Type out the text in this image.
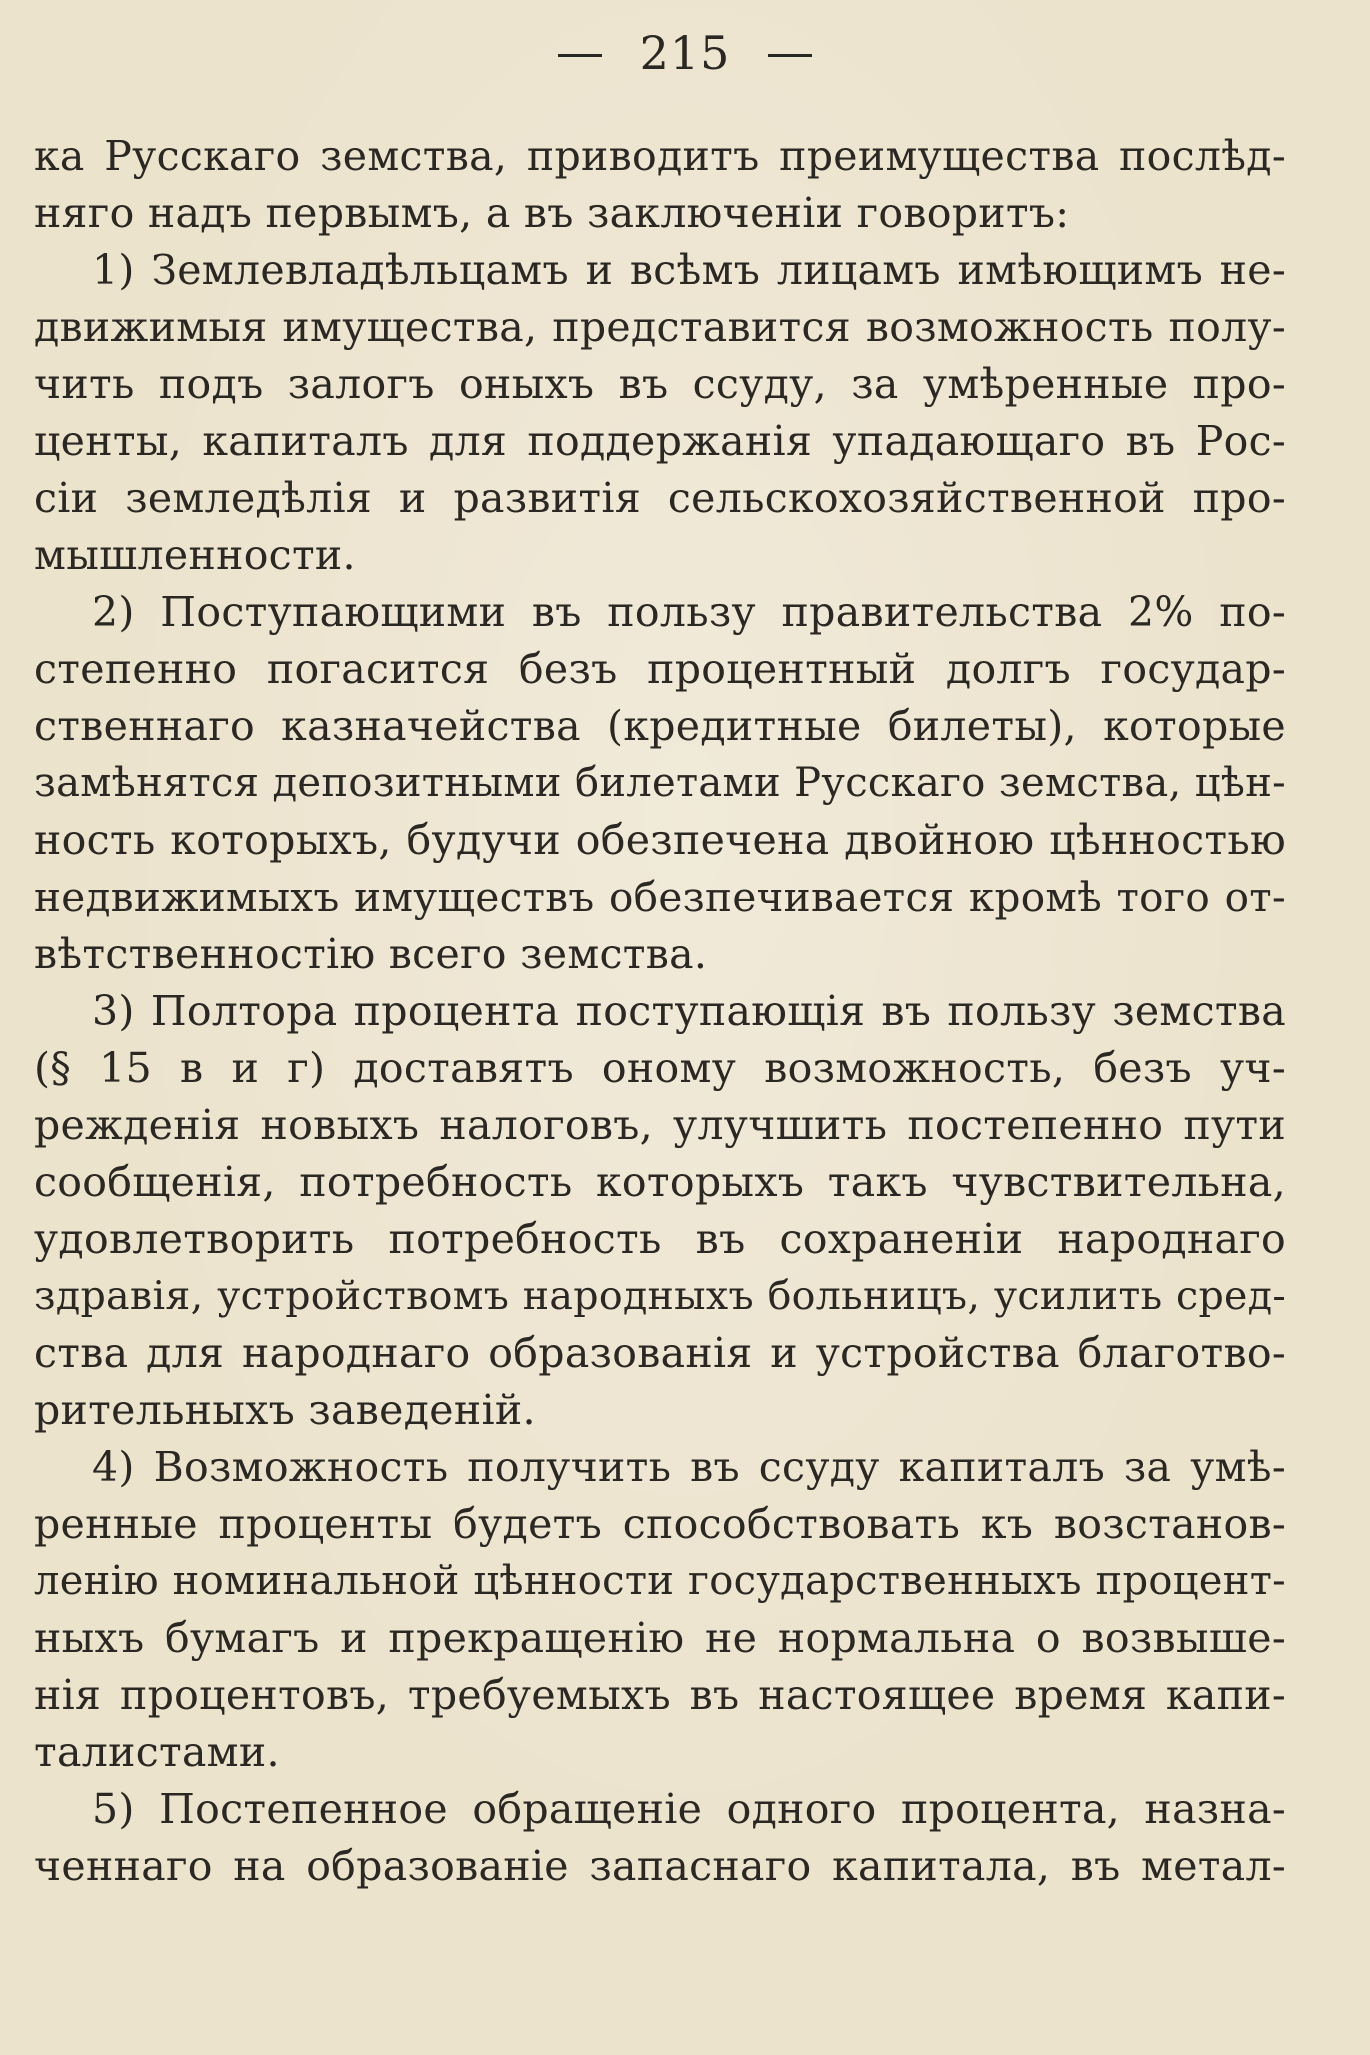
215
ка Русскаго земства, приводитъ преимущества послѣд-
няго надъ первымъ, а въ заключеніи говоритъ:
1) Землевладѣльцамъ и всѣмъ лицамъ имѣющимъ не-
движимыя имущества, представится возможность полу-
чить подъ залогъ оныхъ въ ссуду, за умѣренные про-
центы, капиталъ для поддержанія упадающаго въ Рос-
сіи земледѣлія и развитія сельскохозяйственной про-
мышленности.
2) Поступающими въ пользу правительства 2% по-
степенно погасится безъ процентный долгъ государ-
ственнаго казначейства (кредитные билеты), которые
замѣнятся депозитными билетами Русскаго земства, цѣн-
ность которыхъ, будучи обезпечена двойною цѣнностью
недвижимыхъ имуществъ обезпечивается кромѣ того от-
вѣтственностію всего земства.
3) Полтора процента поступающія въ пользу земства
(§ 15 в и г) доставятъ оному возможность, безъ уч-
режденія новыхъ налоговъ, улучшить постепенно пути
сообщенія, потребность которыхъ такъ чувствительна,
удовлетворить потребность въ сохраненіи народнаго
здравія, устройствомъ народныхъ больницъ, усилить сред-
ства для народнаго образованія и устройства благотво-
рительныхъ заведеній.
4) Возможность получить въ ссуду капиталъ за умѣ-
ренные проценты будетъ способствовать къ возстанов-
ленію номинальной цѣнности государственныхъ процент-
ныхъ бумагъ и прекращенію не нормальна о возвыше-
нія процентовъ, требуемыхъ въ настоящее время капи-
талистами.
5) Постепенное обращеніе одного процента, назна-
ченнаго на образованіе запаснаго капитала, въ метал-
